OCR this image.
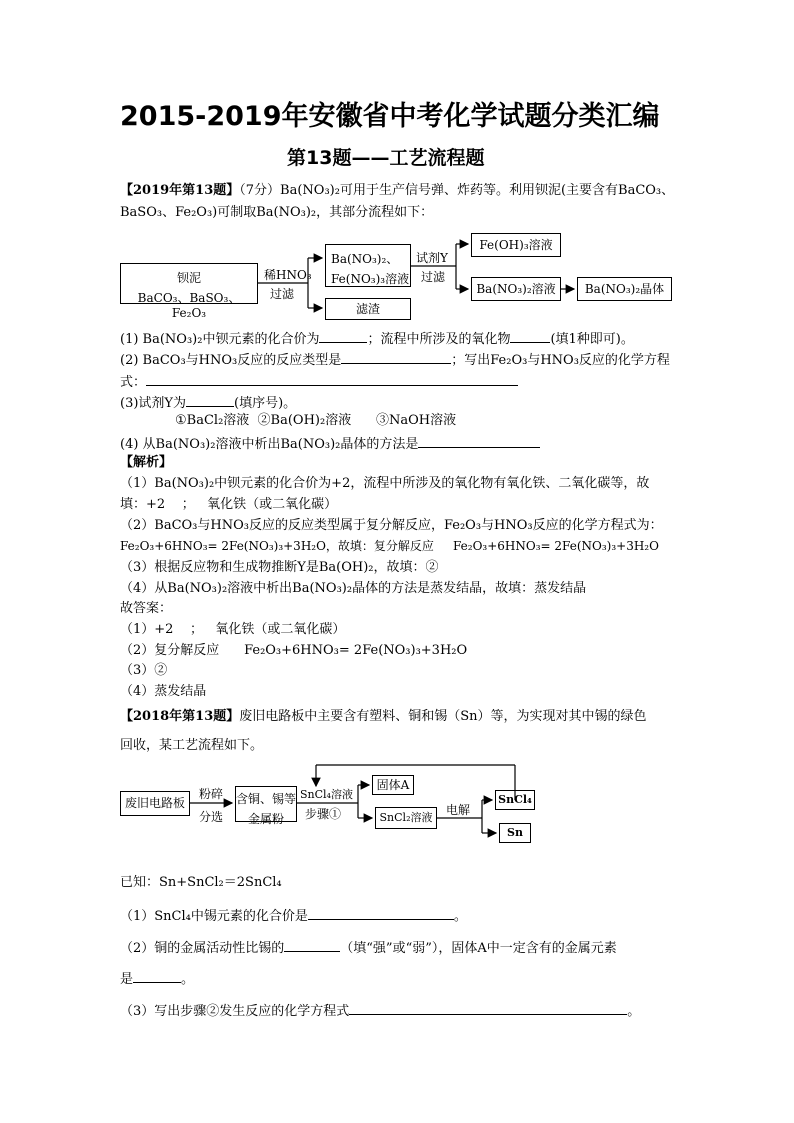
2015-2019年安徽省中考化学试题分类汇编
第13题——工艺流程题
【2019年第13题】（7分）Ba(NO₃)₂可用于生产信号弹、炸药等。利用钡泥(主要含有BaCO₃、
BaSO₃、Fe₂O₃)可制取Ba(NO₃)₂，其部分流程如下：
钡泥
BaCO₃、BaSO₃、Fe₂O₃
稀HNO₃
过滤
Ba(NO₃)₂、
Fe(NO₃)₃溶液
滤渣
试剂Y
过滤
Fe(OH)₃溶液
Ba(NO₃)₂溶液	Ba(NO₃)₂晶体
(1) Ba(NO₃)₂中钡元素的化合价为	；流程中所涉及的氧化物	(填1种即可)。
(2) BaCO₃与HNO₃反应的反应类型是	；写出Fe₂O₃与HNO₃反应的化学方程
式：
(3)试剂Y为	(填序号)。
①BaCl₂溶液  ②Ba(OH)₂溶液      ③NaOH溶液
(4) 从Ba(NO₃)₂溶液中析出Ba(NO₃)₂晶体的方法是
【解析】
（1）Ba(NO₃)₂中钡元素的化合价为+2，流程中所涉及的氧化物有氧化铁、二氧化碳等，故
填：+2    ；   氧化铁（或二氧化碳）
（2）BaCO₃与HNO₃反应的反应类型属于复分解反应，Fe₂O₃与HNO₃反应的化学方程式为：
Fe₂O₃+6HNO₃= 2Fe(NO₃)₃+3H₂O，故填：复分解反应     Fe₂O₃+6HNO₃= 2Fe(NO₃)₃+3H₂O
（3）根据反应物和生成物推断Y是Ba(OH)₂，故填：②
（4）从Ba(NO₃)₂溶液中析出Ba(NO₃)₂晶体的方法是蒸发结晶，故填：蒸发结晶
故答案：
（1）+2    ；   氧化铁（或二氧化碳）
（2）复分解反应      Fe₂O₃+6HNO₃= 2Fe(NO₃)₃+3H₂O
（3）②
（4）蒸发结晶
【2018年第13题】废旧电路板中主要含有塑料、铜和锡（Sn）等，为实现对其中锡的绿色
回收，某工艺流程如下。
废旧电路板
粉碎
分选
含铜、锡等
金属粉
SnCl₄溶液
步骤①
固体A
SnCl₂溶液
电解
SnCl₄
Sn
已知：Sn+SnCl₂＝2SnCl₄
（1）SnCl₄中锡元素的化合价是	。
（2）铜的金属活动性比锡的	（填“强”或“弱”），固体A中一定含有的金属元素
是	。
（3）写出步骤②发生反应的化学方程式	。
